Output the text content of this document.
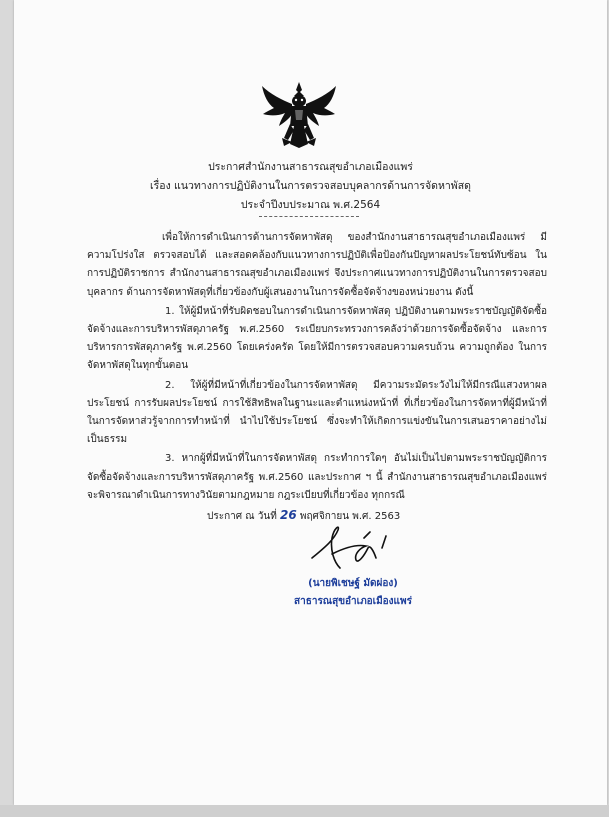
ประกาศสำนักงานสาธารณสุขอำเภอเมืองแพร่
เรื่อง แนวทางการปฏิบัติงานในการตรวจสอบบุคลากรด้านการจัดหาพัสดุ
ประจำปีงบประมาณ พ.ศ.2564

เพื่อให้การดำเนินการด้านการจัดหาพัสดุ ของสำนักงานสาธารณสุขอำเภอเมืองแพร่ มีความโปร่งใส ตรวจสอบได้ และสอดคล้องกับแนวทางการปฏิบัติเพื่อป้องกันปัญหาผลประโยชน์ทับซ้อน ในการปฏิบัติราชการ สำนักงานสาธารณสุขอำเภอเมืองแพร่ จึงประกาศแนวทางการปฏิบัติงานในการตรวจสอบบุคลากร ด้านการจัดหาพัสดุที่เกี่ยวข้องกับผู้เสนองานในการจัดซื้อจัดจ้างของหน่วยงาน ดังนี้

1. ให้ผู้มีหน้าที่รับผิดชอบในการดำเนินการจัดหาพัสดุ ปฏิบัติงานตามพระราชบัญญัติจัดซื้อจัดจ้างและการบริหารพัสดุภาครัฐ พ.ศ.2560 ระเบียบกระทรวงการคลังว่าด้วยการจัดซื้อจัดจ้าง และการบริหารการพัสดุภาครัฐ พ.ศ.2560 โดยเคร่งครัด โดยให้มีการตรวจสอบความครบถ้วน ความถูกต้อง ในการจัดหาพัสดุในทุกขั้นตอน

2. ให้ผู้ที่มีหน้าที่เกี่ยวข้องในการจัดหาพัสดุ มีความระมัดระวังไม่ให้มีกรณีแสวงหาผลประโยชน์ การรับผลประโยชน์ การใช้สิทธิพลในฐานะและตำแหน่งหน้าที่ ที่เกี่ยวข้องในการจัดหาที่ผู้มีหน้าที่ในการจัดหาส่วรู้จากการทำหน้าที่ นำไปใช้ประโยชน์ ซึ่งจะทำให้เกิดการแข่งขันในการเสนอราคาอย่างไม่เป็นธรรม

3. หากผู้ที่มีหน้าที่ในการจัดหาพัสดุ กระทำการใดๆ อันไม่เป็นไปตามพระราชบัญญัติการจัดซื้อจัดจ้างและการบริหารพัสดุภาครัฐ พ.ศ.2560 และประกาศ ฯ นี้ สำนักงานสาธารณสุขอำเภอเมืองแพร่ จะพิจารณาดำเนินการทางวินัยตามกฎหมาย กฎระเบียบที่เกี่ยวข้อง ทุกกรณี

ประกาศ ณ วันที่ 26 พฤศจิกายน พ.ศ. 2563
(นายพิเชษฐ์ มัดผ่อง)
สาธารณสุขอำเภอเมืองแพร่
